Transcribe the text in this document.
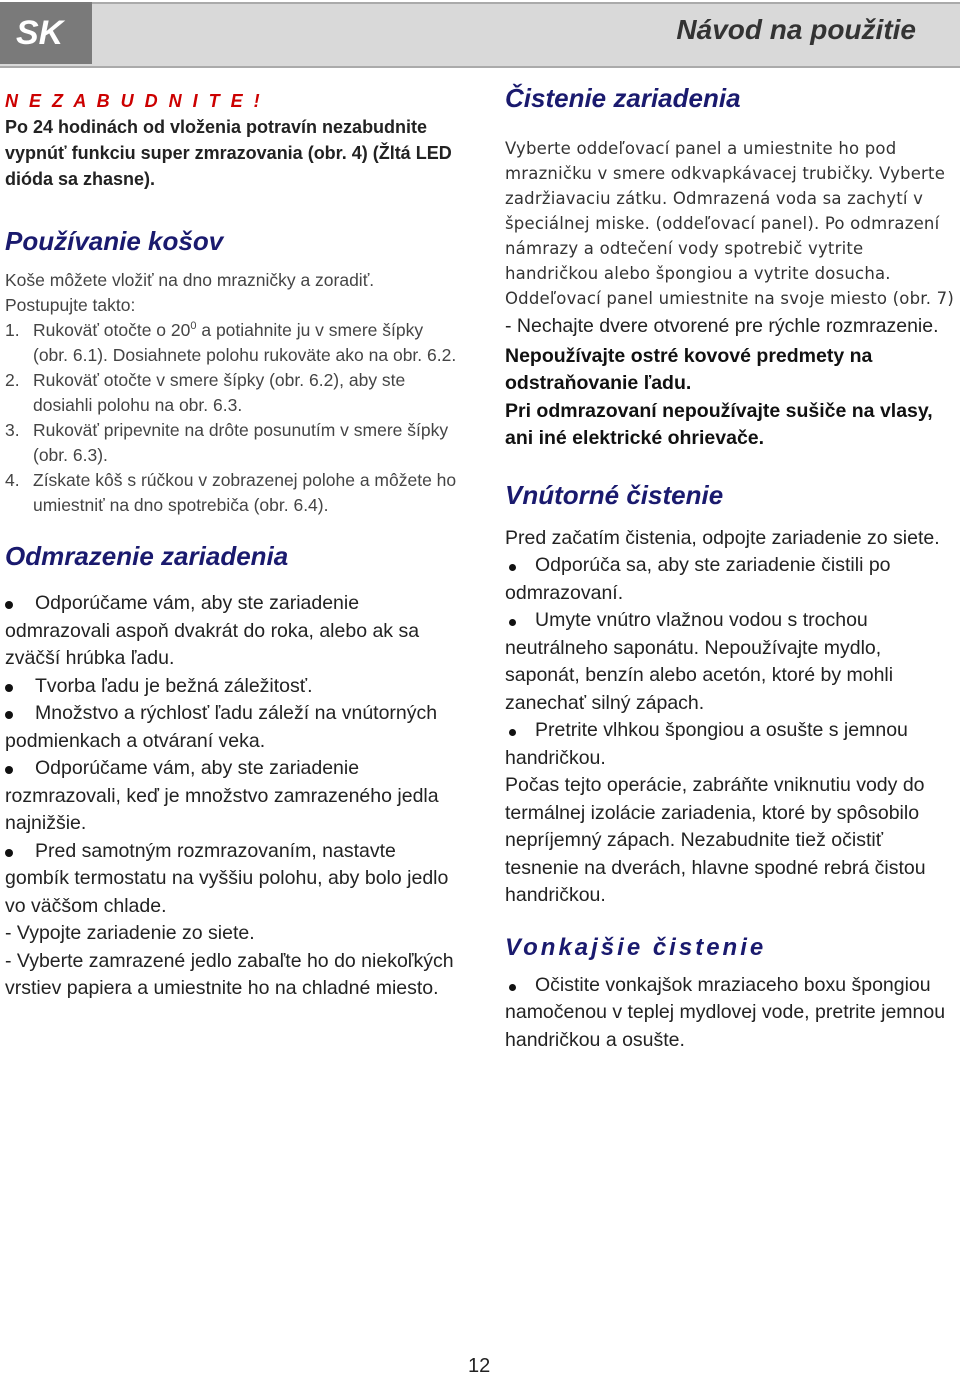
SK	Návod na použitie

N E Z A B U D N I T E !

Po 24 hodinách od vloženia potravín nezabudnite vypnúť funkciu super zmrazovania (obr. 4) (Žltá LED dióda sa zhasne).

Používanie košov

Koše môžete vložiť na dno mrazničky a zoradiť. Postupujte takto:

1. Rukoväť otočte o $20^0$ a potiahnite ju v smere šípky (obr. 6.1). Dosiahnete polohu rukoväte ako na obr. 6.2.
2. Rukoväť otočte v smere šípky (obr. 6.2), aby ste dosiahli polohu na obr. 6.3.
3. Rukoväť pripevnite na drôte posunutím v smere šípky (obr. 6.3).
4. Získate kôš s rúčkou v zobrazenej polohe a môžete ho umiestniť na dno spotrebiča (obr. 6.4).
Odmrazenie zariadenia
Odporúčame vám, aby ste zariadenie odmrazovali aspoň dvakrát do roka, alebo ak sa zväčší hrúbka ľadu.
Tvorba ľadu je bežná záležitosť.
Množstvo a rýchlosť ľadu záleží na vnútorných podmienkach a otváraní veka.
Odporúčame vám, aby ste zariadenie rozmrazovali, keď je množstvo zamrazeného jedla najnižšie.
Pred samotným rozmrazovaním, nastavte gombík termostatu na vyššiu polohu, aby bolo jedlo vo väčšom chlade.

- Vypojte zariadenie zo siete.

- Vyberte zamrazené jedlo zabaľte ho do niekoľkých vrstiev papiera a umiestnite ho na chladné miesto.

Čistenie zariadenia

Vyberte oddeľovací panel a umiestnite ho pod mrazničku v smere odkvapkávacej trubičky. Vyberte zadržiavaciu zátku. Odmrazená voda sa zachytí v špeciálnej miske. (oddeľovací panel). Po odmrazení námrazy a odtečení vody spotrebič vytrite handričkou alebo špongiou a vytrite dosucha. Oddeľovací panel umiestnite na svoje miesto (obr. 7)

- Nechajte dvere otvorené pre rýchle rozmrazenie.

Nepoužívajte ostré kovové predmety na odstraňovanie ľadu.

Pri odmrazovaní nepoužívajte sušiče na vlasy, ani iné elektrické ohrievače.

Vnútorné čistenie

Pred začatím čistenia, odpojte zariadenie zo siete.

Odporúča sa, aby ste zariadenie čistili po odmrazovaní.
Umyte vnútro vlažnou vodou s trochou neutrálneho saponátu. Nepoužívajte mydlo, saponát, benzín alebo acetón, ktoré by mohli zanechať silný zápach.
Pretrite vlhkou špongiou a osušte s jemnou handričkou.

Počas tejto operácie, zabráňte vniknutiu vody do termálnej izolácie zariadenia, ktoré by spôsobilo nepríjemný zápach. Nezabudnite tiež očistiť tesnenie na dverách, hlavne spodné rebrá čistou handričkou.

Vonkajšie čistenie
Očistite vonkajšok mraziaceho boxu špongiou namočenou v teplej mydlovej vode, pretrite jemnou handričkou a osušte.
12
